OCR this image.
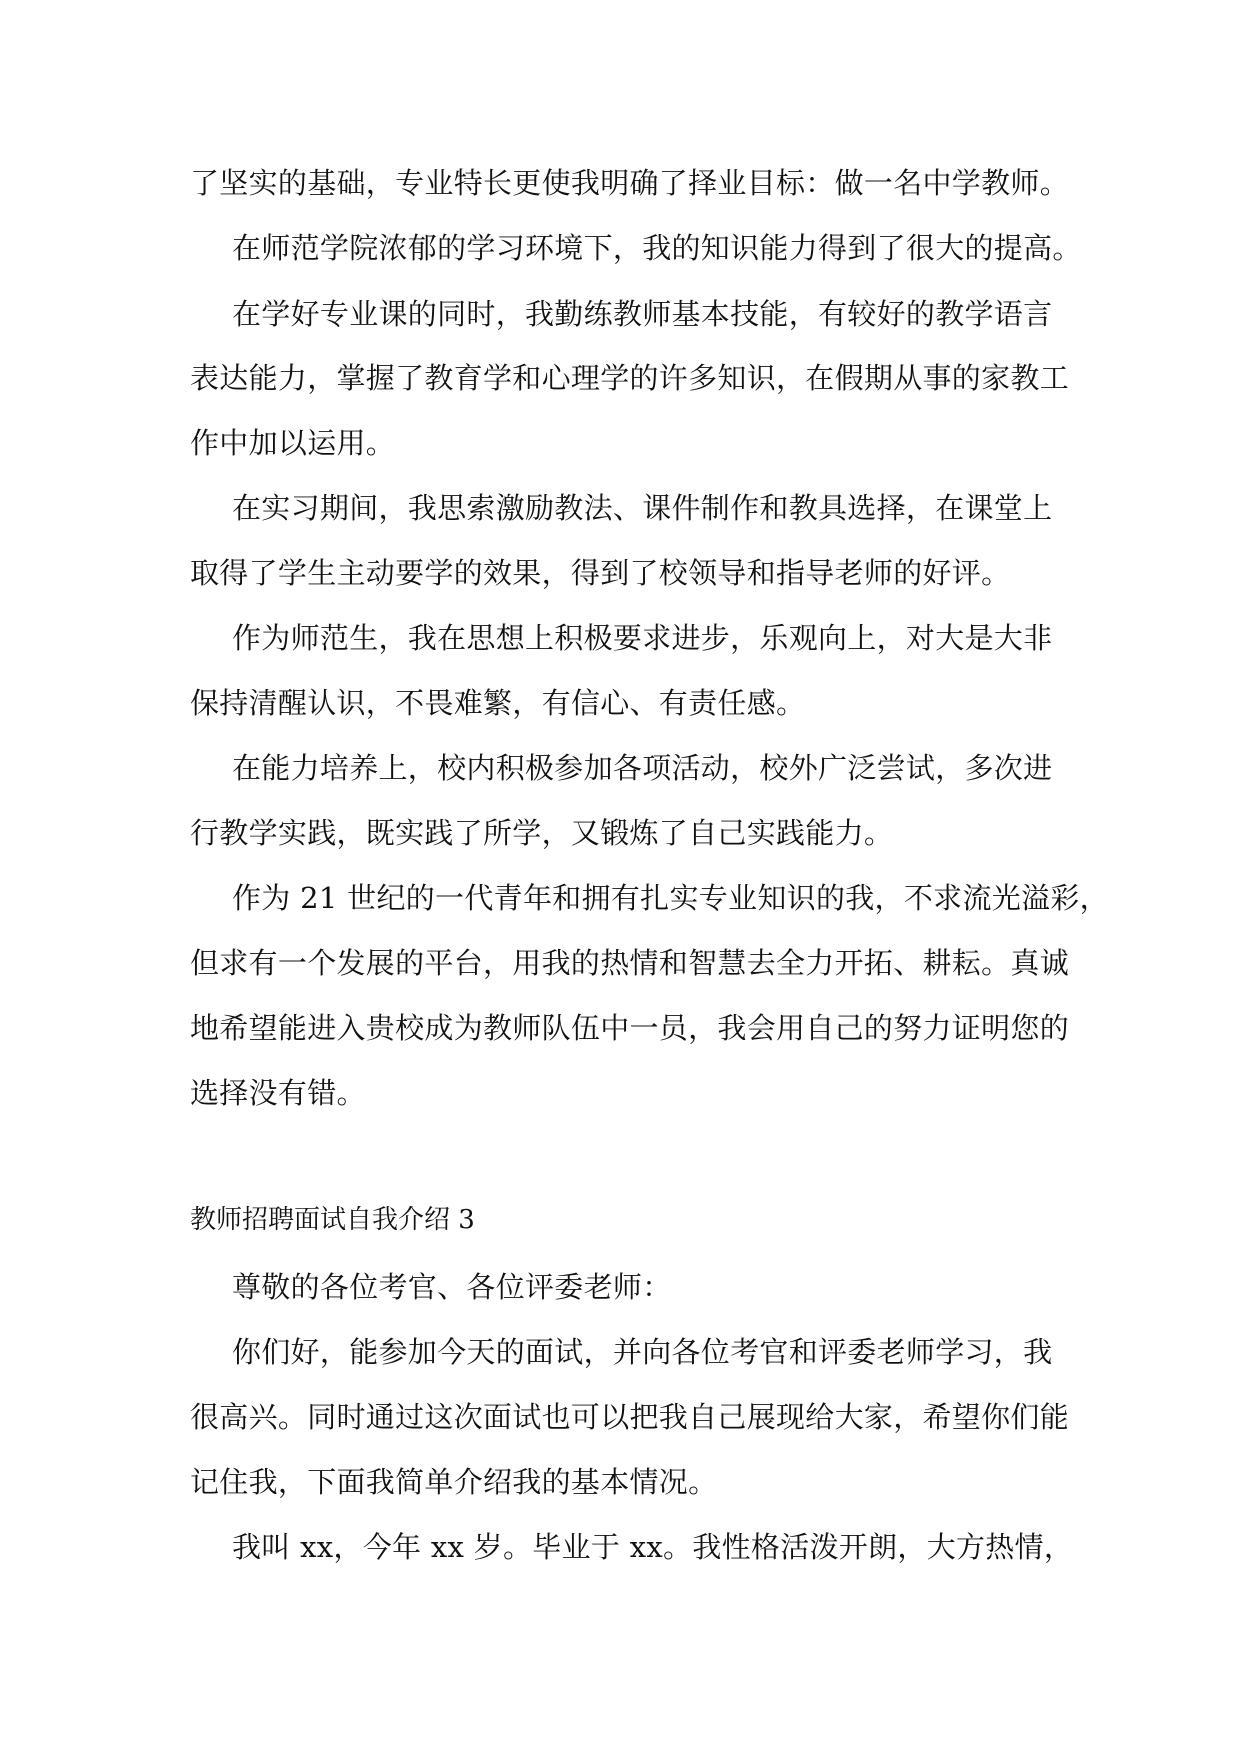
了坚实的基础，专业特长更使我明确了择业目标：做一名中学教师。
在师范学院浓郁的学习环境下，我的知识能力得到了很大的提高。
在学好专业课的同时，我勤练教师基本技能，有较好的教学语言
表达能力，掌握了教育学和心理学的许多知识，在假期从事的家教工
作中加以运用。
在实习期间，我思索激励教法、课件制作和教具选择，在课堂上
取得了学生主动要学的效果，得到了校领导和指导老师的好评。
作为师范生，我在思想上积极要求进步，乐观向上，对大是大非
保持清醒认识，不畏难繁，有信心、有责任感。
在能力培养上，校内积极参加各项活动，校外广泛尝试，多次进
行教学实践，既实践了所学，又锻炼了自己实践能力。
作为 21 世纪的一代青年和拥有扎实专业知识的我，不求流光溢彩，
但求有一个发展的平台，用我的热情和智慧去全力开拓、耕耘。真诚
地希望能进入贵校成为教师队伍中一员，我会用自己的努力证明您的
选择没有错。
教师招聘面试自我介绍 3
尊敬的各位考官、各位评委老师：
你们好，能参加今天的面试，并向各位考官和评委老师学习，我
很高兴。同时通过这次面试也可以把我自己展现给大家，希望你们能
记住我，下面我简单介绍我的基本情况。
我叫 xx，今年 xx 岁。毕业于 xx。我性格活泼开朗，大方热情，
